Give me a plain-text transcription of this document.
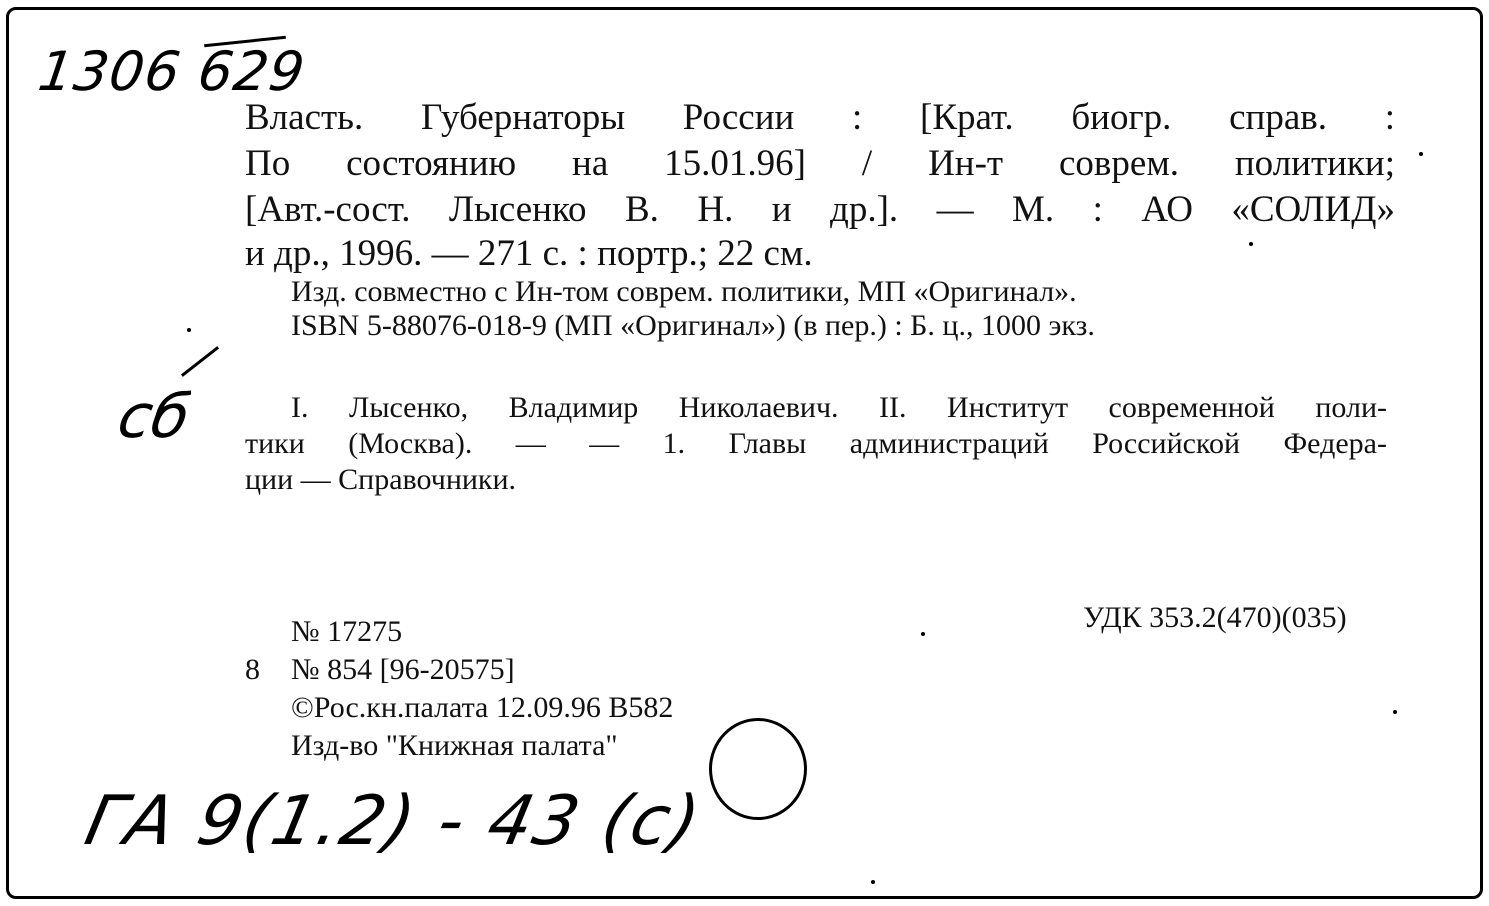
1306 629
сб
ГА 9(1.2) - 43 (с)
Власть. Губернаторы России : [Крат. биогр. справ. :
По состоянию на 15.01.96] / Ин-т соврем. политики;
[Авт.-сост. Лысенко В. Н. и др.]. — М. : АО «СОЛИД»
и др., 1996. — 271 с. : портр.; 22 см.
Изд. совместно с Ин-том соврем. политики, МП «Оригинал».
ISBN 5-88076-018-9 (МП «Оригинал») (в пер.) : Б. ц., 1000 экз.
I. Лысенко, Владимир Николаевич. II. Институт современной поли-
тики (Москва). — — 1. Главы администраций Российской Федера-
ции — Справочники.
№ 17275	УДК 353.2(470)(035)
8 № 854 [96-20575]
©Рос.кн.палата 12.09.96 В582
Изд-во "Книжная палата"
